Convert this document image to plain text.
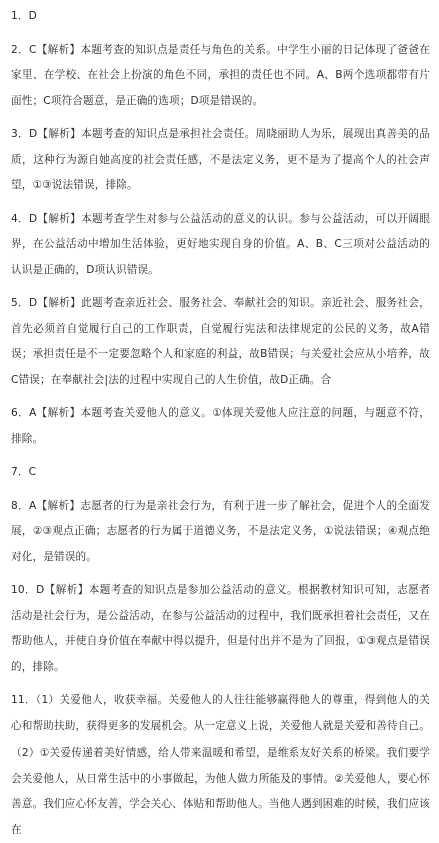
1．D

2．C【解析】本题考查的知识点是责任与角色的关系。中学生小丽的日记体现了爸爸在家里、在学校、在社会上扮演的角色不同，承担的责任也不同。A、B两个选项都带有片面性；C项符合题意，是正确的选项；D项是错误的。

3．D【解析】本题考查的知识点是承担社会责任。周晓丽助人为乐，展现出真善美的品质，这种行为源自她高度的社会责任感，不是法定义务，更不是为了提高个人的社会声望，①③说法错误，排除。

4．D【解析】本题考查学生对参与公益活动的意义的认识。参与公益活动，可以开阔眼界，在公益活动中增加生活体验，更好地实现自身的价值。A、B、C三项对公益活动的认识是正确的，D项认识错误。

5．D【解析】此题考查亲近社会、服务社会、奉献社会的知识。亲近社会、服务社会，首先必须首自觉履行自己的工作职责，自觉履行宪法和法律规定的公民的义务，故A错误；承担责任是不一定要忽略个人和家庭的利益，故B错误；与关爱社会应从小培养，故C错误；在奉献社会|法的过程中实现自己的人生价值，故D正确。合

6．A【解析】本题考查关爱他人的意义。①体现关爱他人应注意的问题，与题意不符，排除。

7．C

8．A【解析】志愿者的行为是亲社会行为，有利于进一步了解社会，促进个人的全面发展，②③观点正确；志愿者的行为属于道德义务，不是法定义务，①说法错误；④观点绝对化，是错误的。

10．D【解析】本题考查的知识点是参加公益活动的意义。根据教材知识可知，志愿者活动是社会行为，是公益活动，在参与公益活动的过程中，我们既承担着社会责任，又在帮助他人，并使自身价值在奉献中得以提升，但是付出并不是为了回报，①③观点是错误的，排除。

11．（1）关爱他人，收获幸福。关爱他人的人往往能够赢得他人的尊重，得到他人的关心和帮助扶助，获得更多的发展机会。从一定意义上说，关爱他人就是关爱和善待自己。

（2）①关爱传递着美好情感，给人带来温暖和希望，是维系友好关系的桥梁。我们要学会关爱他人，从日常生活中的小事做起，为他人做力所能及的事情。②关爱他人，要心怀善意。我们应心怀友善，学会关心、体贴和帮助他人。当他人遇到困难的时候，我们应该在
